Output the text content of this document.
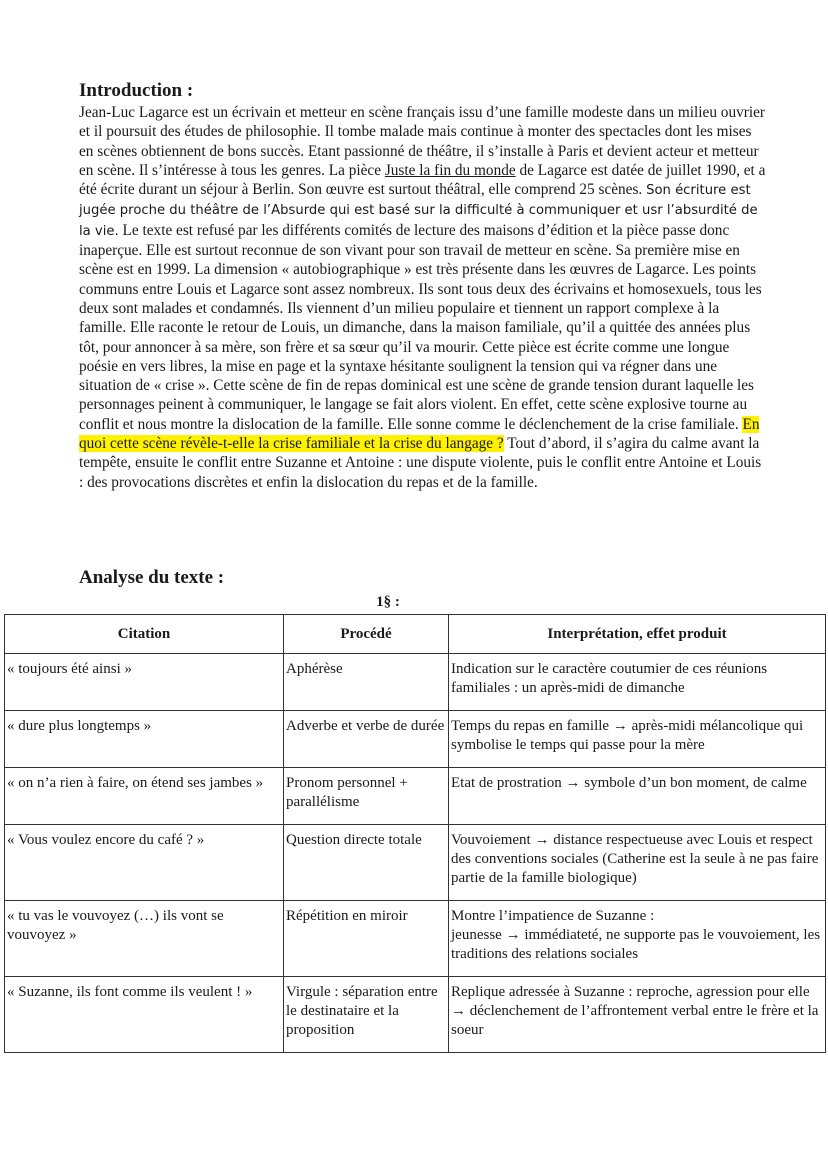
Introduction :

Jean-Luc Lagarce est un écrivain et metteur en scène français issu d’une famille modeste dans un milieu ouvrier et il poursuit des études de philosophie. Il tombe malade mais continue à monter des spectacles dont les mises en scènes obtiennent de bons succès. Etant passionné de théâtre, il s’installe à Paris et devient acteur et metteur en scène. Il s’intéresse à tous les genres. La pièce Juste la fin du monde de Lagarce est datée de juillet 1990, et a été écrite durant un séjour à Berlin. Son œuvre est surtout théâtral, elle comprend 25 scènes. Son écriture est jugée proche du théâtre de l’Absurde qui est basé sur la difficulté à communiquer et usr l’absurdité de la vie. Le texte est refusé par les différents comités de lecture des maisons d’édition et la pièce passe donc inaperçue. Elle est surtout reconnue de son vivant pour son travail de metteur en scène. Sa première mise en scène est en 1999. La dimension « autobiographique » est très présente dans les œuvres de Lagarce. Les points communs entre Louis et Lagarce sont assez nombreux. Ils sont tous deux des écrivains et homosexuels, tous les deux sont malades et condamnés. Ils viennent d’un milieu populaire et tiennent un rapport complexe à la famille. Elle raconte le retour de Louis, un dimanche, dans la maison familiale, qu’il a quittée des années plus tôt, pour annoncer à sa mère, son frère et sa sœur qu’il va mourir. Cette pièce est écrite comme une longue poésie en vers libres, la mise en page et la syntaxe hésitante soulignent la tension qui va régner dans une situation de « crise ». Cette scène de fin de repas dominical est une scène de grande tension durant laquelle les personnages peinent à communiquer, le langage se fait alors violent. En effet, cette scène explosive tourne au conflit et nous montre la dislocation de la famille. Elle sonne comme le déclenchement de la crise familiale. En quoi cette scène révèle-t-elle la crise familiale et la crise du langage ? Tout d’abord, il s’agira du calme avant la tempête, ensuite le conflit entre Suzanne et Antoine : une dispute violente, puis le conflit entre Antoine et Louis : des provocations discrètes et enfin la dislocation du repas et de la famille.

Analyse du texte :

1§ :

Citation	Procédé	Interprétation, effet produit
« toujours été ainsi »	Aphérèse	Indication sur le caractère coutumier de ces réunions familiales : un après-midi de dimanche
« dure plus longtemps »	Adverbe et verbe de durée	Temps du repas en famille → après-midi mélancolique qui symbolise le temps qui passe pour la mère
« on n’a rien à faire, on étend ses jambes »	Pronom personnel + parallélisme	Etat de prostration → symbole d’un bon moment, de calme
« Vous voulez encore du café ? »	Question directe totale	Vouvoiement → distance respectueuse avec Louis et respect des conventions sociales (Catherine est la seule à ne pas faire partie de la famille biologique)
« tu vas le vouvoyez (…) ils vont se vouvoyez »	Répétition en miroir	Montre l’impatience de Suzanne :
jeunesse → immédiateté, ne supporte pas le vouvoiement, les traditions des relations sociales
« Suzanne, ils font comme ils veulent ! »	Virgule : séparation entre le destinataire et la proposition	Replique adressée à Suzanne : reproche, agression pour elle → déclenchement de l’affrontement verbal entre le frère et la soeur
